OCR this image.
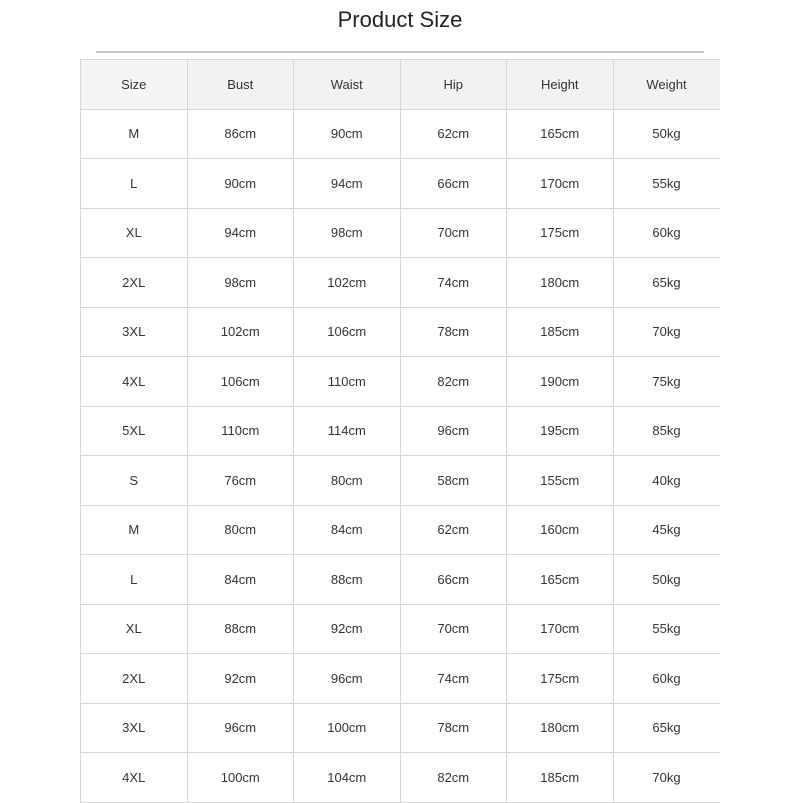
Product Size
Size	Bust	Waist	Hip	Height	Weight
M	86cm	90cm	62cm	165cm	50kg
L	90cm	94cm	66cm	170cm	55kg
XL	94cm	98cm	70cm	175cm	60kg
2XL	98cm	102cm	74cm	180cm	65kg
3XL	102cm	106cm	78cm	185cm	70kg
4XL	106cm	110cm	82cm	190cm	75kg
5XL	110cm	114cm	96cm	195cm	85kg
S	76cm	80cm	58cm	155cm	40kg
M	80cm	84cm	62cm	160cm	45kg
L	84cm	88cm	66cm	165cm	50kg
XL	88cm	92cm	70cm	170cm	55kg
2XL	92cm	96cm	74cm	175cm	60kg
3XL	96cm	100cm	78cm	180cm	65kg
4XL	100cm	104cm	82cm	185cm	70kg
